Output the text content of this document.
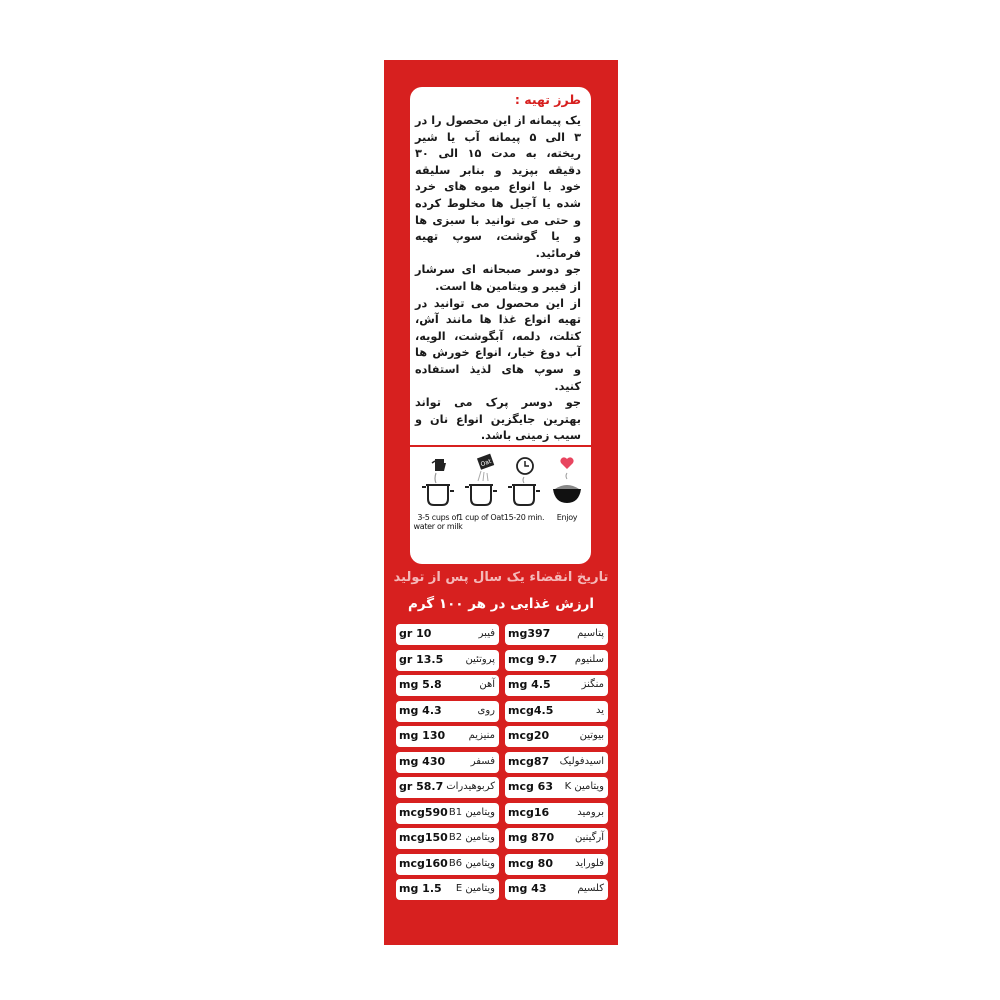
طرز تهیه :

یک پیمانه از این محصول را در ۳ الی ۵ پیمانه آب یا شیر ریخته، به مدت ۱۵ الی ۳۰ دقیقه بپزید و بنابر سلیقه خود با انواع میوه های خرد شده یا آجیل ها مخلوط کرده و حتی می توانید با سبزی ها و یا گوشت، سوپ تهیه فرمائید.

جو دوسر صبحانه ای سرشار از فیبر و ویتامین ها است.

از این محصول می توانید در تهیه انواع غذا ها مانند آش، کتلت، دلمه، آبگوشت، الویه، آب دوغ خیار، انواع خورش ها و سوپ های لذیذ استفاده کنید.

جو دوسر پرک می تواند بهترین جایگزین انواع نان و سیب زمینی باشد.

3-5 cups of water or milk
Oat
1 cup of Oat 15-20 min.	Enjoy
تاریخ انقضاء یک سال پس از تولید
ارزش غذایی در هر ۱۰۰ گرم
فیبر
gr 10
پروتئین
gr 13.5
آهن
mg 5.8
روی
mg 4.3
منیزیم
mg 130
فسفر
mg 430
کربوهیدرات
gr 58.7
ویتامین B1
mcg590
ویتامین B2
mcg150
ویتامین B6
mcg160
ویتامین E
mg 1.5
پتاسیم
mg397
سلنیوم
mcg 9.7
منگنز
mg 4.5
ید
mcg4.5
بیوتین
mcg20
اسیدفولیک
mcg87
ویتامین K
mcg 63
برومید
mcg16
آرگینین
mg 870
فلوراید
mcg 80
کلسیم
mg 43
